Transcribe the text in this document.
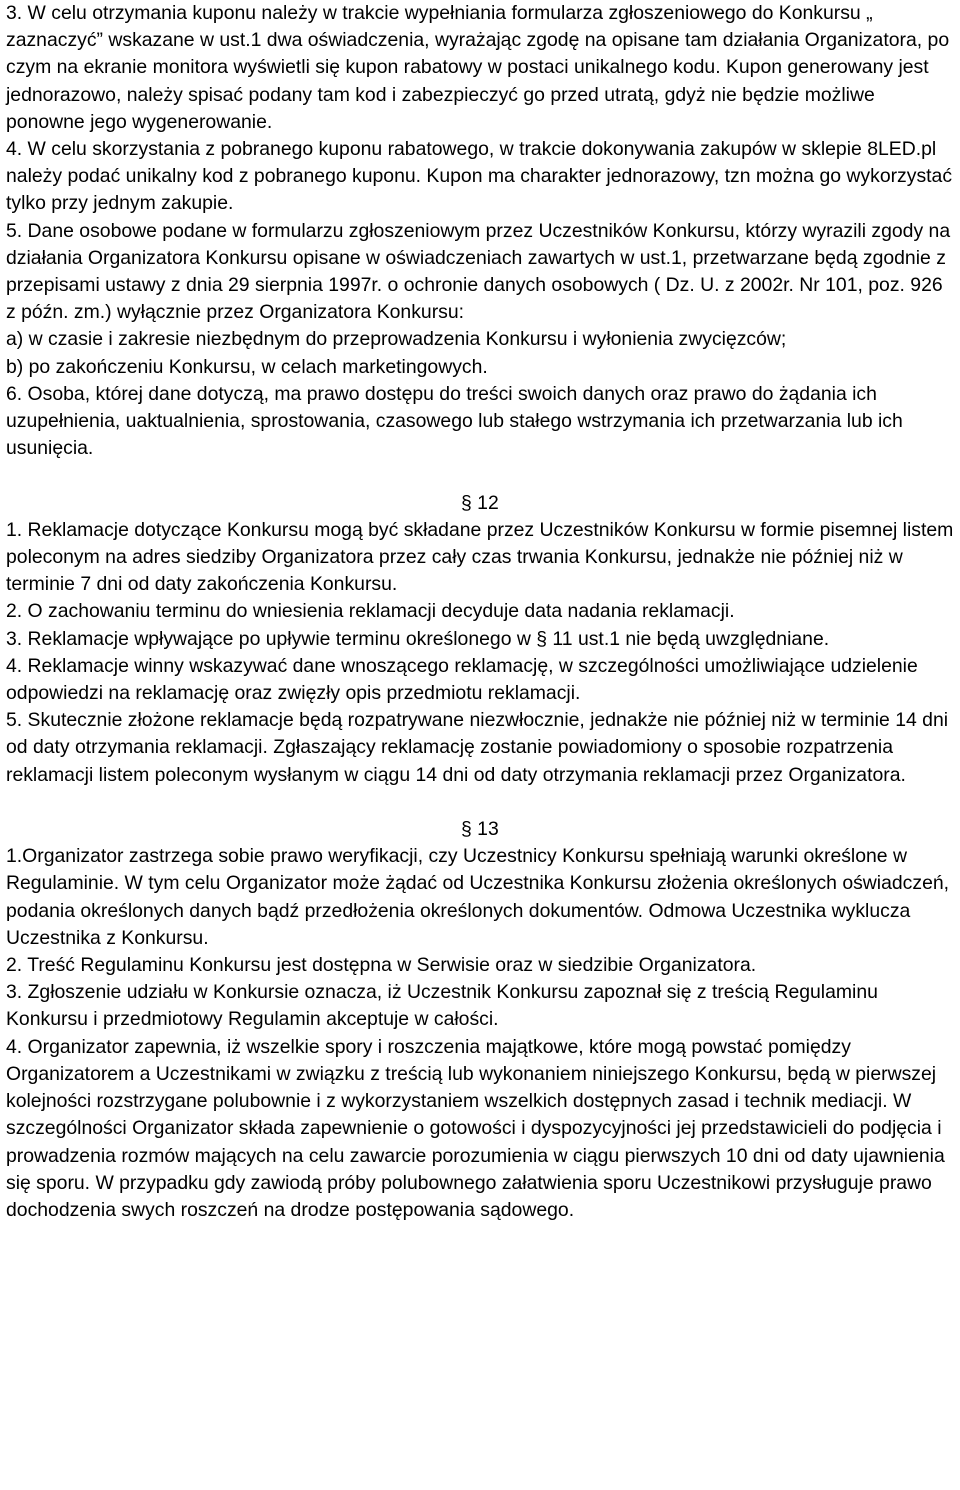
3. W celu otrzymania kuponu należy w trakcie wypełniania formularza zgłoszeniowego do Konkursu „ zaznaczyć” wskazane w ust.1 dwa oświadczenia, wyrażając zgodę na opisane tam działania Organizatora, po czym na ekranie monitora wyświetli się kupon rabatowy w postaci unikalnego kodu. Kupon generowany jest jednorazowo, należy spisać podany tam kod i zabezpieczyć go przed utratą, gdyż nie będzie możliwe ponowne jego wygenerowanie.

4. W celu skorzystania z pobranego kuponu rabatowego, w trakcie dokonywania zakupów w sklepie 8LED.pl należy podać unikalny kod z pobranego kuponu. Kupon ma charakter jednorazowy, tzn można go wykorzystać tylko przy jednym zakupie.

5. Dane osobowe podane w formularzu zgłoszeniowym przez Uczestników Konkursu, którzy wyrazili zgody na działania Organizatora Konkursu opisane w oświadczeniach zawartych w ust.1, przetwarzane będą zgodnie z przepisami ustawy z dnia 29 sierpnia 1997r. o ochronie danych osobowych ( Dz. U. z 2002r. Nr 101, poz. 926 z późn. zm.) wyłącznie przez Organizatora Konkursu:

a) w czasie i zakresie niezbędnym do przeprowadzenia Konkursu i wyłonienia zwycięzców;

b) po zakończeniu Konkursu, w celach marketingowych.

6. Osoba, której dane dotyczą, ma prawo dostępu do treści swoich danych oraz prawo do żądania ich uzupełnienia, uaktualnienia, sprostowania, czasowego lub stałego wstrzymania ich przetwarzania lub ich usunięcia.

§ 12

1. Reklamacje dotyczące Konkursu mogą być składane przez Uczestników Konkursu w formie pisemnej listem poleconym na adres siedziby Organizatora przez cały czas trwania Konkursu, jednakże nie później niż w terminie 7 dni od daty zakończenia Konkursu.

2. O zachowaniu terminu do wniesienia reklamacji decyduje data nadania reklamacji.

3. Reklamacje wpływające po upływie terminu określonego w § 11 ust.1 nie będą uwzględniane.

4. Reklamacje winny wskazywać dane wnoszącego reklamację, w szczególności umożliwiające udzielenie odpowiedzi na reklamację oraz zwięzły opis przedmiotu reklamacji.

5. Skutecznie złożone reklamacje będą rozpatrywane niezwłocznie, jednakże nie później niż w terminie 14 dni od daty otrzymania reklamacji. Zgłaszający reklamację zostanie powiadomiony o sposobie rozpatrzenia reklamacji listem poleconym wysłanym w ciągu 14 dni od daty otrzymania reklamacji przez Organizatora.

§ 13

1.Organizator zastrzega sobie prawo weryfikacji, czy Uczestnicy Konkursu spełniają warunki określone w Regulaminie. W tym celu Organizator może żądać od Uczestnika Konkursu złożenia określonych oświadczeń, podania określonych danych bądź przedłożenia określonych dokumentów. Odmowa Uczestnika wyklucza Uczestnika z Konkursu.

2. Treść Regulaminu Konkursu jest dostępna w Serwisie oraz w siedzibie Organizatora.

3. Zgłoszenie udziału w Konkursie oznacza, iż Uczestnik Konkursu zapoznał się z treścią Regulaminu Konkursu i przedmiotowy Regulamin akceptuje w całości.

4. Organizator zapewnia, iż wszelkie spory i roszczenia majątkowe, które mogą powstać pomiędzy Organizatorem a Uczestnikami w związku z treścią lub wykonaniem niniejszego Konkursu, będą w pierwszej kolejności rozstrzygane polubownie i z wykorzystaniem wszelkich dostępnych zasad i technik mediacji. W szczególności Organizator składa zapewnienie o gotowości i dyspozycyjności jej przedstawicieli do podjęcia i prowadzenia rozmów mających na celu zawarcie porozumienia w ciągu pierwszych 10 dni od daty ujawnienia się sporu. W przypadku gdy zawiodą próby polubownego załatwienia sporu Uczestnikowi przysługuje prawo dochodzenia swych roszczeń na drodze postępowania sądowego.
